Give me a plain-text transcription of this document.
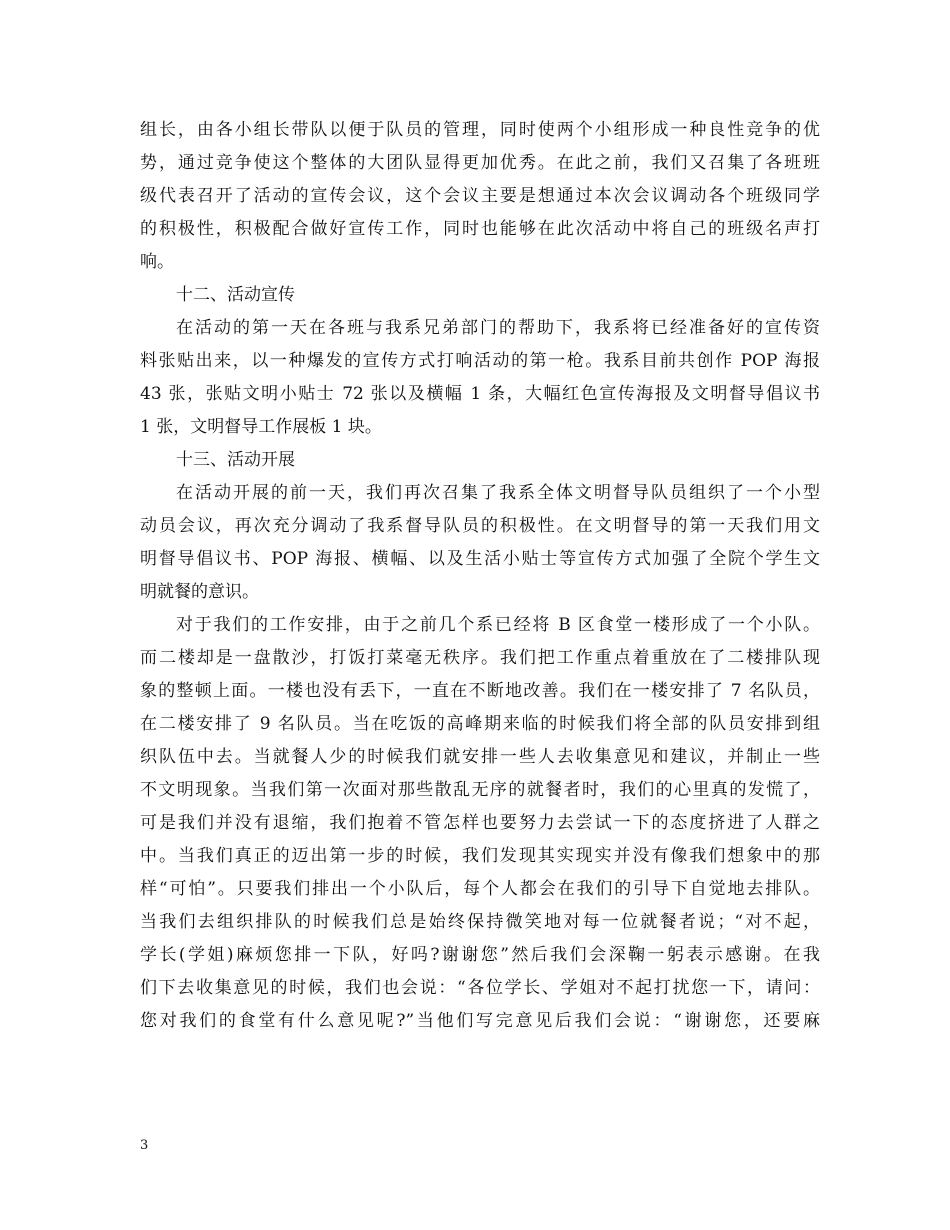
组长，由各小组长带队以便于队员的管理，同时使两个小组形成一种良性竞争的优
势，通过竞争使这个整体的大团队显得更加优秀。在此之前，我们又召集了各班班
级代表召开了活动的宣传会议，这个会议主要是想通过本次会议调动各个班级同学
的积极性，积极配合做好宣传工作，同时也能够在此次活动中将自己的班级名声打
响。
十二、活动宣传
在活动的第一天在各班与我系兄弟部门的帮助下，我系将已经准备好的宣传资
料张贴出来，以一种爆发的宣传方式打响活动的第一枪。我系目前共创作 POP 海报
43 张，张贴文明小贴士 72 张以及横幅 1 条，大幅红色宣传海报及文明督导倡议书
1 张，文明督导工作展板 1 块。
十三、活动开展
在活动开展的前一天，我们再次召集了我系全体文明督导队员组织了一个小型
动员会议，再次充分调动了我系督导队员的积极性。在文明督导的第一天我们用文
明督导倡议书、POP 海报、横幅、以及生活小贴士等宣传方式加强了全院个学生文
明就餐的意识。
对于我们的工作安排，由于之前几个系已经将 B 区食堂一楼形成了一个小队。
而二楼却是一盘散沙，打饭打菜毫无秩序。我们把工作重点着重放在了二楼排队现
象的整顿上面。一楼也没有丢下，一直在不断地改善。我们在一楼安排了 7 名队员，
在二楼安排了 9 名队员。当在吃饭的高峰期来临的时候我们将全部的队员安排到组
织队伍中去。当就餐人少的时候我们就安排一些人去收集意见和建议，并制止一些
不文明现象。当我们第一次面对那些散乱无序的就餐者时，我们的心里真的发慌了，
可是我们并没有退缩，我们抱着不管怎样也要努力去尝试一下的态度挤进了人群之
中。当我们真正的迈出第一步的时候，我们发现其实现实并没有像我们想象中的那
样“可怕”。只要我们排出一个小队后，每个人都会在我们的引导下自觉地去排队。
当我们去组织排队的时候我们总是始终保持微笑地对每一位就餐者说；“对不起，
学长(学姐)麻烦您排一下队，好吗?谢谢您”然后我们会深鞠一躬表示感谢。在我
们下去收集意见的时候，我们也会说：“各位学长、学姐对不起打扰您一下，请问：
您对我们的食堂有什么意见呢?”当他们写完意见后我们会说：“谢谢您，还要麻
3
